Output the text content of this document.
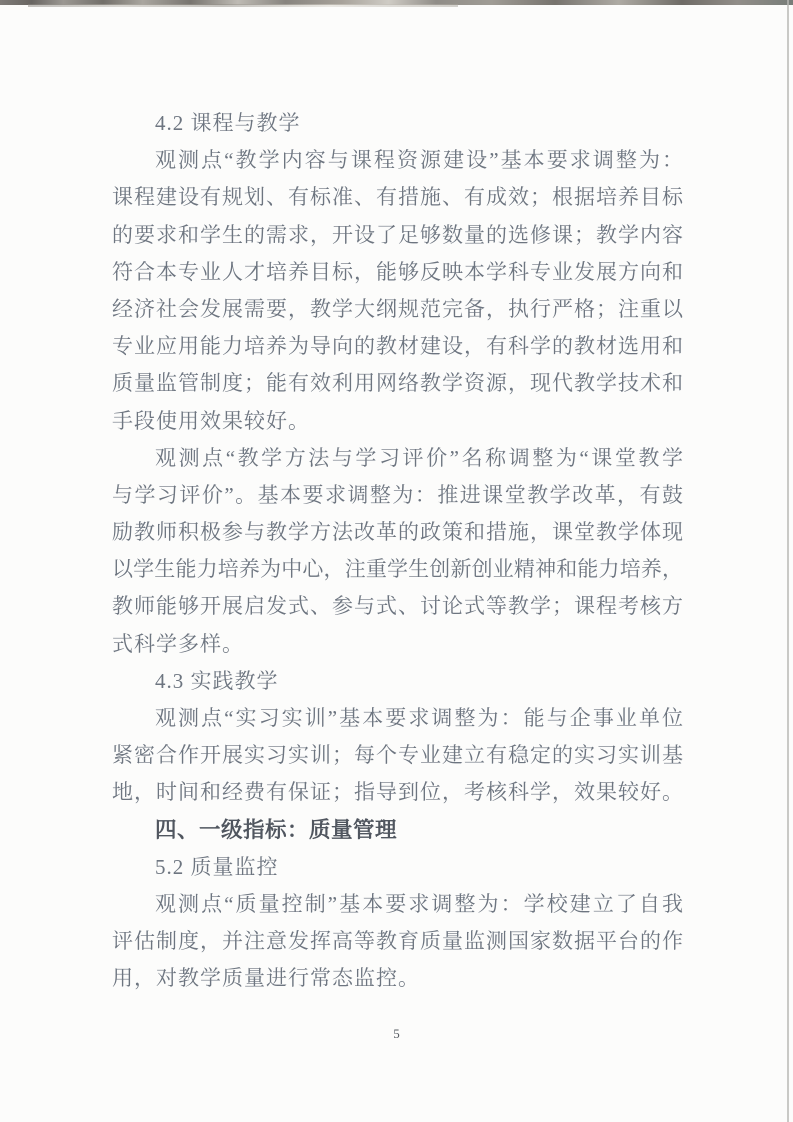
4.2 课程与教学
观测点“教学内容与课程资源建设”基本要求调整为：
课程建设有规划、有标准、有措施、有成效；根据培养目标
的要求和学生的需求，开设了足够数量的选修课；教学内容
符合本专业人才培养目标，能够反映本学科专业发展方向和
经济社会发展需要，教学大纲规范完备，执行严格；注重以
专业应用能力培养为导向的教材建设，有科学的教材选用和
质量监管制度；能有效利用网络教学资源，现代教学技术和
手段使用效果较好。
观测点“教学方法与学习评价”名称调整为“课堂教学
与学习评价”。基本要求调整为：推进课堂教学改革，有鼓
励教师积极参与教学方法改革的政策和措施，课堂教学体现
以学生能力培养为中心，注重学生创新创业精神和能力培养，
教师能够开展启发式、参与式、讨论式等教学；课程考核方
式科学多样。
4.3 实践教学
观测点“实习实训”基本要求调整为：能与企事业单位
紧密合作开展实习实训；每个专业建立有稳定的实习实训基
地，时间和经费有保证；指导到位，考核科学，效果较好。
四、一级指标：质量管理
5.2 质量监控
观测点“质量控制”基本要求调整为：学校建立了自我
评估制度，并注意发挥高等教育质量监测国家数据平台的作
用，对教学质量进行常态监控。
5
